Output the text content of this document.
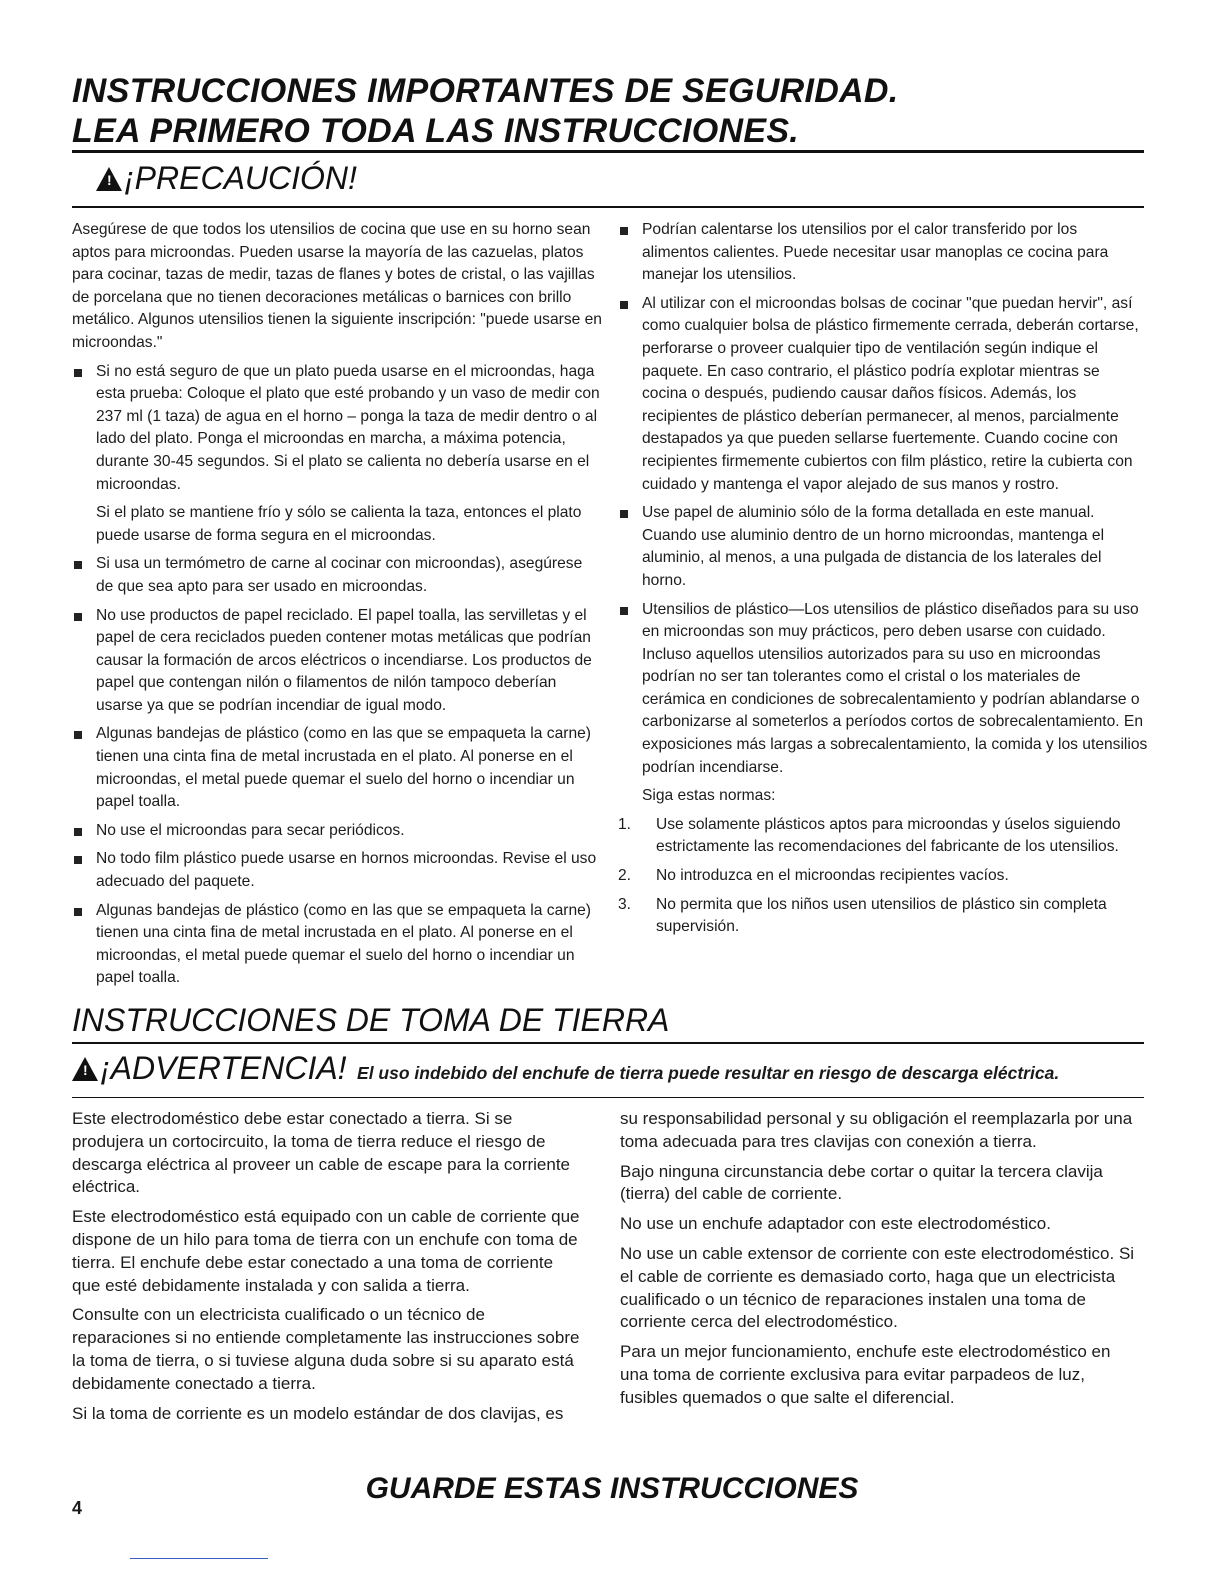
INSTRUCCIONES IMPORTANTES DE SEGURIDAD.
LEA PRIMERO TODA LAS INSTRUCCIONES.
! ¡PRECAUCIÓN!

Asegúrese de que todos los utensilios de cocina que use en su horno sean aptos para microondas. Pueden usarse la mayoría de las cazuelas, platos para cocinar, tazas de medir, tazas de flanes y botes de cristal, o las vajillas de porcelana que no tienen decoraciones metálicas o barnices con brillo metálico. Algunos utensilios tienen la siguiente inscripción: "puede usarse en microondas."

Si no está seguro de que un plato pueda usarse en el microondas, haga esta prueba: Coloque el plato que esté probando y un vaso de medir con 237 ml (1 taza) de agua en el horno – ponga la taza de medir dentro o al lado del plato. Ponga el microondas en marcha, a máxima potencia, durante 30-45 segundos. Si el plato se calienta no debería usarse en el microondas.
Si el plato se mantiene frío y sólo se calienta la taza, entonces el plato puede usarse de forma segura en el microondas.
Si usa un termómetro de carne al cocinar con microondas), asegúrese de que sea apto para ser usado en microondas.
No use productos de papel reciclado. El papel toalla, las servilletas y el papel de cera reciclados pueden contener motas metálicas que podrían causar la formación de arcos eléctricos o incendiarse. Los productos de papel que contengan nilón o filamentos de nilón tampoco deberían usarse ya que se podrían incendiar de igual modo.
Algunas bandejas de plástico (como en las que se empaqueta la carne) tienen una cinta fina de metal incrustada en el plato. Al ponerse en el microondas, el metal puede quemar el suelo del horno o incendiar un papel toalla.
No use el microondas para secar periódicos.
No todo film plástico puede usarse en hornos microondas. Revise el uso adecuado del paquete.
Algunas bandejas de plástico (como en las que se empaqueta la carne) tienen una cinta fina de metal incrustada en el plato. Al ponerse en el microondas, el metal puede quemar el suelo del horno o incendiar un papel toalla.
Podrían calentarse los utensilios por el calor transferido por los alimentos calientes. Puede necesitar usar manoplas ce cocina para manejar los utensilios.
Al utilizar con el microondas bolsas de cocinar "que puedan hervir", así como cualquier bolsa de plástico firmemente cerrada, deberán cortarse, perforarse o proveer cualquier tipo de ventilación según indique el paquete. En caso contrario, el plástico podría explotar mientras se cocina o después, pudiendo causar daños físicos. Además, los recipientes de plástico deberían permanecer, al menos, parcialmente destapados ya que pueden sellarse fuertemente. Cuando cocine con recipientes firmemente cubiertos con film plástico, retire la cubierta con cuidado y mantenga el vapor alejado de sus manos y rostro.
Use papel de aluminio sólo de la forma detallada en este manual. Cuando use aluminio dentro de un horno microondas, mantenga el aluminio, al menos, a una pulgada de distancia de los laterales del horno.
Utensilios de plástico—Los utensilios de plástico diseñados para su uso en microondas son muy prácticos, pero deben usarse con cuidado. Incluso aquellos utensilios autorizados para su uso en microondas podrían no ser tan tolerantes como el cristal o los materiales de cerámica en condiciones de sobrecalentamiento y podrían ablandarse o carbonizarse al someterlos a períodos cortos de sobrecalentamiento. En exposiciones más largas a sobrecalentamiento, la comida y los utensilios podrían incendiarse.
Siga estas normas:
1. Use solamente plásticos aptos para microondas y úselos siguiendo estrictamente las recomendaciones del fabricante de los utensilios.
2. No introduzca en el microondas recipientes vacíos.
3. No permita que los niños usen utensilios de plástico sin completa supervisión.
INSTRUCCIONES DE TOMA DE TIERRA
! ¡ADVERTENCIA! El uso indebido del enchufe de tierra puede resultar en riesgo de descarga eléctrica.

Este electrodoméstico debe estar conectado a tierra. Si se produjera un cortocircuito, la toma de tierra reduce el riesgo de descarga eléctrica al proveer un cable de escape para la corriente eléctrica.

Este electrodoméstico está equipado con un cable de corriente que dispone de un hilo para toma de tierra con un enchufe con toma de tierra. El enchufe debe estar conectado a una toma de corriente que esté debidamente instalada y con salida a tierra.

Consulte con un electricista cualificado o un técnico de reparaciones si no entiende completamente las instrucciones sobre la toma de tierra, o si tuviese alguna duda sobre si su aparato está debidamente conectado a tierra.

Si la toma de corriente es un modelo estándar de dos clavijas, es

su responsabilidad personal y su obligación el reemplazarla por una toma adecuada para tres clavijas con conexión a tierra.

Bajo ninguna circunstancia debe cortar o quitar la tercera clavija (tierra) del cable de corriente.

No use un enchufe adaptador con este electrodoméstico.

No use un cable extensor de corriente con este electrodoméstico. Si el cable de corriente es demasiado corto, haga que un electricista cualificado o un técnico de reparaciones instalen una toma de corriente cerca del electrodoméstico.

Para un mejor funcionamiento, enchufe este electrodoméstico en una toma de corriente exclusiva para evitar parpadeos de luz, fusibles quemados o que salte el diferencial.

GUARDE ESTAS INSTRUCCIONES
4
